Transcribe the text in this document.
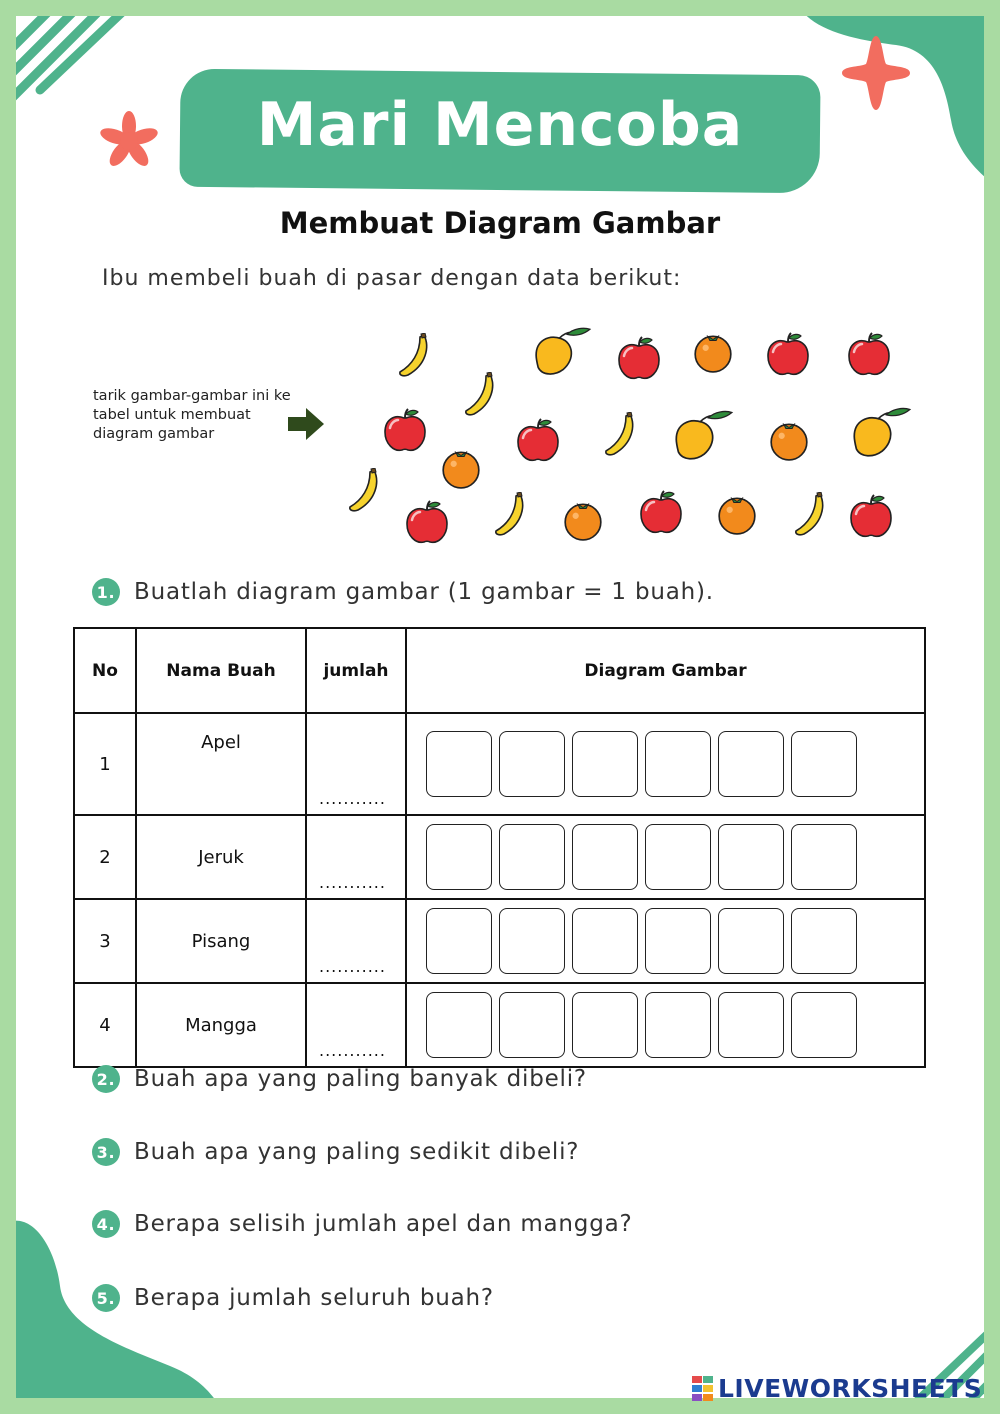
Mari Mencoba
Membuat Diagram Gambar
Ibu membeli buah di pasar dengan data berikut:
tarik gambar-gambar ini ke tabel untuk membuat diagram gambar
1. Buatlah diagram gambar (1 gambar = 1 buah).
No	Nama Buah	jumlah	Diagram Gambar
1	Apel	...........	

2	Jeruk	...........	

3	Pisang	...........	

4	Mangga	...........	

2. Buah apa yang paling banyak dibeli?
3. Buah apa yang paling sedikit dibeli?
4. Berapa selisih jumlah apel dan mangga?
5. Berapa jumlah seluruh buah?
LIVEWORKSHEETS
